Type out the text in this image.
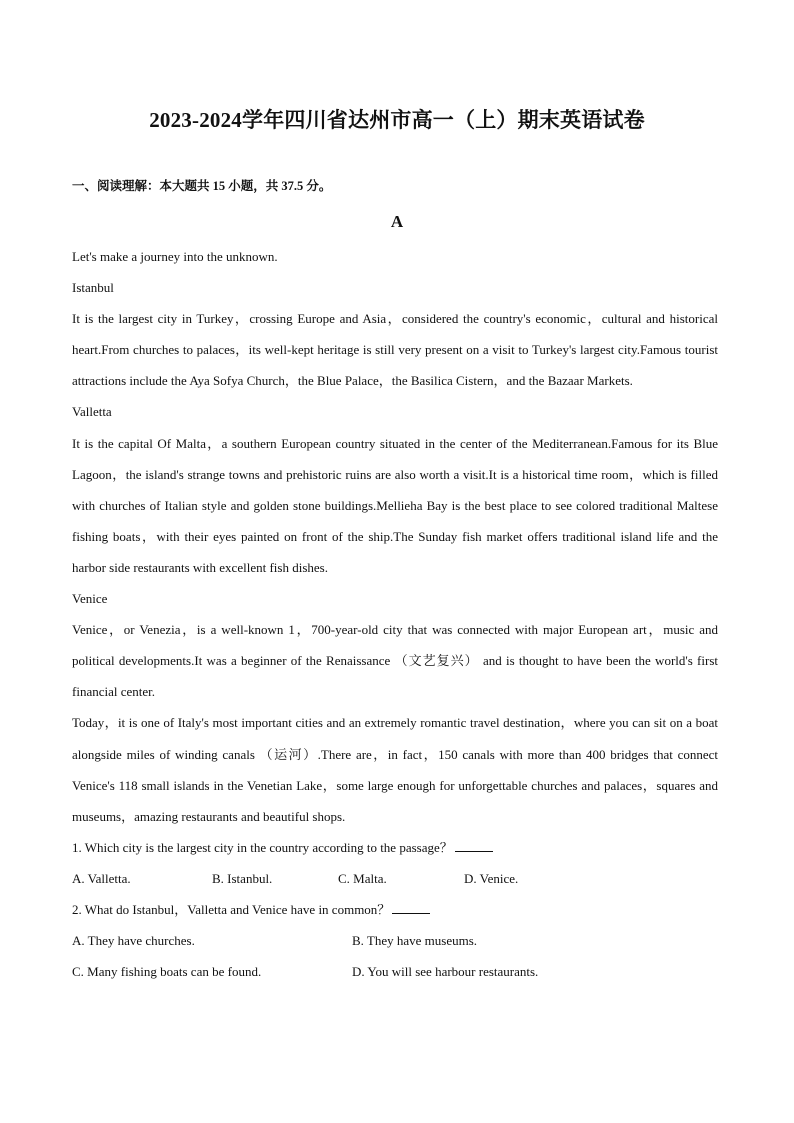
2023-2024学年四川省达州市高一（上）期末英语试卷
一、阅读理解：本大题共 15 小题，共 37.5 分。
A

Let's make a journey into the unknown.

Istanbul

It is the largest city in Turkey，crossing Europe and Asia，considered the country's economic，cultural and historical heart.From churches to palaces，its well-kept heritage is still very present on a visit to Turkey's largest city.Famous tourist attractions include the Aya Sofya Church，the Blue Palace，the Basilica Cistern，and the Bazaar Markets.

Valletta

It is the capital Of Malta，a southern European country situated in the center of the Mediterranean.Famous for its Blue Lagoon，the island's strange towns and prehistoric ruins are also worth a visit.It is a historical time room，which is filled with churches of Italian style and golden stone buildings.Mellieha Bay is the best place to see colored traditional Maltese fishing boats，with their eyes painted on front of the ship.The Sunday fish market offers traditional island life and the harbor side restaurants with excellent fish dishes.

Venice

Venice，or Venezia，is a well-known 1，700-year-old city that was connected with major European art，music and political developments.It was a beginner of the Renaissance （文艺复兴） and is thought to have been the world's first financial center.

Today，it is one of Italy's most important cities and an extremely romantic travel destination，where you can sit on a boat alongside miles of winding canals （运河）.There are，in fact，150 canals with more than 400 bridges that connect Venice's 118 small islands in the Venetian Lake，some large enough for unforgettable churches and palaces，squares and museums，amazing restaurants and beautiful shops.

1. Which city is the largest city in the country according to the passage？

A. Valletta.	B. Istanbul.	C. Malta.	D. Venice.

2. What do Istanbul，Valletta and Venice have in common？

A. They have churches.	B. They have museums.
C. Many fishing boats can be found.	D. You will see harbour restaurants.
